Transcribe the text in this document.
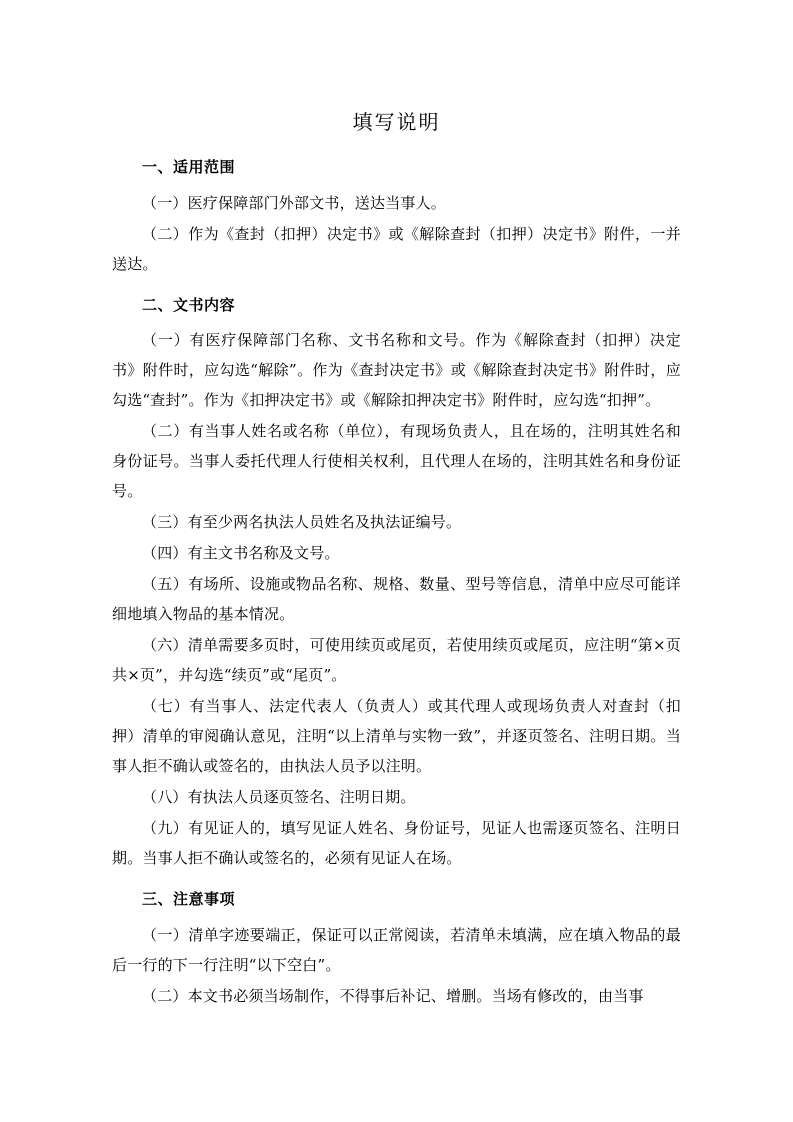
填写说明
一、适用范围

（一）医疗保障部门外部文书，送达当事人。

（二）作为《查封（扣押）决定书》或《解除查封（扣押）决定书》附件，一并送达。

二、文书内容

（一）有医疗保障部门名称、文书名称和文号。作为《解除查封（扣押）决定书》附件时，应勾选“解除”。作为《查封决定书》或《解除查封决定书》附件时，应勾选“查封”。作为《扣押决定书》或《解除扣押决定书》附件时，应勾选“扣押”。

（二）有当事人姓名或名称（单位），有现场负责人，且在场的，注明其姓名和身份证号。当事人委托代理人行使相关权利，且代理人在场的，注明其姓名和身份证号。

（三）有至少两名执法人员姓名及执法证编号。

（四）有主文书名称及文号。

（五）有场所、设施或物品名称、规格、数量、型号等信息，清单中应尽可能详细地填入物品的基本情况。

（六）清单需要多页时，可使用续页或尾页，若使用续页或尾页，应注明“第×页 共×页”，并勾选“续页”或“尾页”。

（七）有当事人、法定代表人（负责人）或其代理人或现场负责人对查封（扣押）清单的审阅确认意见，注明“以上清单与实物一致”，并逐页签名、注明日期。当事人拒不确认或签名的，由执法人员予以注明。

（八）有执法人员逐页签名、注明日期。

（九）有见证人的，填写见证人姓名、身份证号，见证人也需逐页签名、注明日期。当事人拒不确认或签名的，必须有见证人在场。

三、注意事项

（一）清单字迹要端正，保证可以正常阅读，若清单未填满，应在填入物品的最后一行的下一行注明“以下空白”。

（二）本文书必须当场制作，不得事后补记、增删。当场有修改的，由当事
